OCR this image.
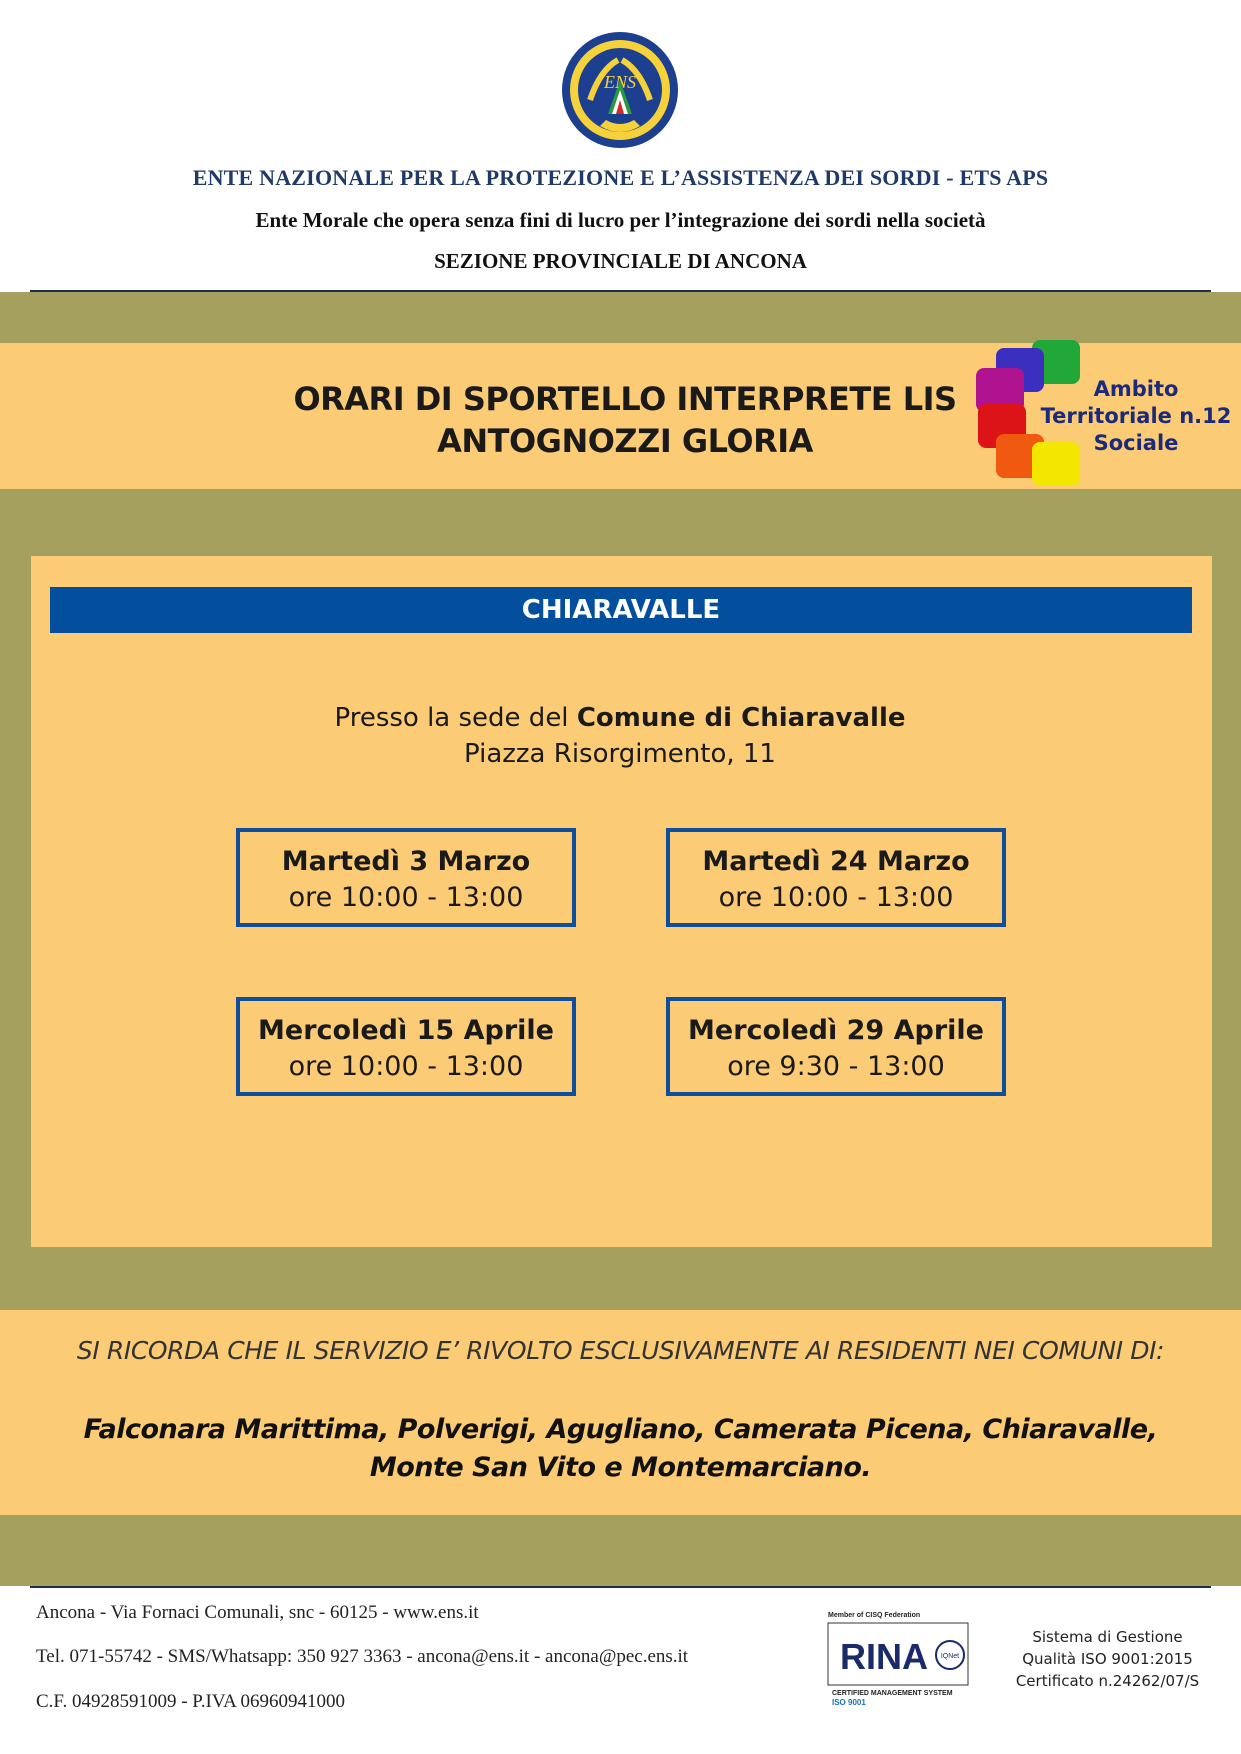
ENS
ENTE NAZIONALE PER LA PROTEZIONE E L’ASSISTENZA DEI SORDI - ETS APS
Ente Morale che opera senza fini di lucro per l’integrazione dei sordi nella società
SEZIONE PROVINCIALE DI ANCONA
ORARI DI SPORTELLO INTERPRETE LIS
ANTOGNOZZI GLORIA
Ambito
Territoriale n.12
Sociale
CHIARAVALLE
Presso la sede del Comune di Chiaravalle
Piazza Risorgimento, 11
Martedì 3 Marzo
ore 10:00 - 13:00
Martedì 24 Marzo
ore 10:00 - 13:00
Mercoledì 15 Aprile
ore 10:00 - 13:00
Mercoledì 29 Aprile
ore 9:30 - 13:00
SI RICORDA CHE IL SERVIZIO E’ RIVOLTO ESCLUSIVAMENTE AI RESIDENTI NEI COMUNI DI:
Falconara Marittima, Polverigi, Agugliano, Camerata Picena, Chiaravalle,
Monte San Vito e Montemarciano.
Ancona - Via Fornaci Comunali, snc - 60125 - www.ens.it
Tel. 071-55742 - SMS/Whatsapp: 350 927 3363 - ancona@ens.it - ancona@pec.ens.it
C.F. 04928591009 - P.IVA 06960941000
Member of CISQ Federation
RINA IQNet
CERTIFIED MANAGEMENT SYSTEM
ISO 9001
Sistema di Gestione
Qualità ISO 9001:2015
Certificato n.24262/07/S
